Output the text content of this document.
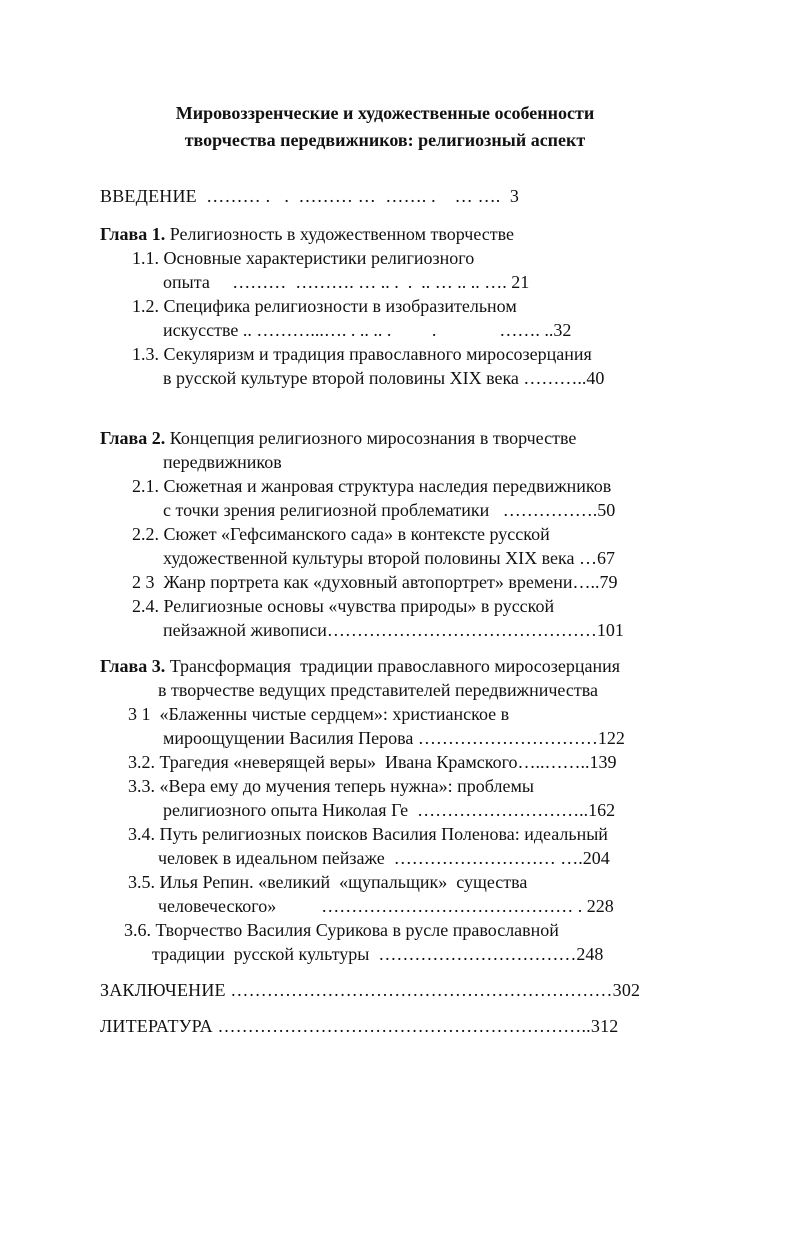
Мировоззренческие и художественные особенности
творчества передвижников: религиозный аспект
ВВЕДЕНИЕ  ……… .   .  ……… …  ……. .    … ….  3
Глава 1. Религиозность в художественном творчестве
1.1. Основные характеристики религиозного
опыта     ………  ………. … .. .  .  .. … .. .. …. 21
1.2. Специфика религиозности в изобразительном
искусстве .. ………...…. . .. .. .         .              ……. ..32
1.3. Секуляризм и традиция православного миросозерцания
в русской культуре второй половины XIX века ………..40
Глава 2. Концепция религиозного миросознания в творчестве
передвижников
2.1. Сюжетная и жанровая структура наследия передвижников
с точки зрения религиозной проблематики   …………….50
2.2. Сюжет «Гефсиманского сада» в контексте русской
художественной культуры второй половины XIX века …67
2 3  Жанр портрета как «духовный автопортрет» времени…..79
2.4. Религиозные основы «чувства природы» в русской
пейзажной живописи………………………………………101
Глава 3. Трансформация  традиции православного миросозерцания
в творчестве ведущих представителей передвижничества
3 1  «Блаженны чистые сердцем»: христианское в
мироощущении Василия Перова …………………………122
3.2. Трагедия «неверящей веры»  Ивана Крамского…..……..139
3.3. «Вера ему до мучения теперь нужна»: проблемы
религиозного опыта Николая Ге  ………………………..162
3.4. Путь религиозных поисков Василия Поленова: идеальный
человек в идеальном пейзаже  ……………………… ….204
3.5. Илья Репин. «великий  «щупальщик»  существа
человеческого»          …………………………………… . 228
3.6. Творчество Василия Сурикова в русле православной
традиции  русской культуры  ……………………………248
ЗАКЛЮЧЕНИЕ ………………………………………………………302
ЛИТЕРАТУРА ……………………………………………………..312
